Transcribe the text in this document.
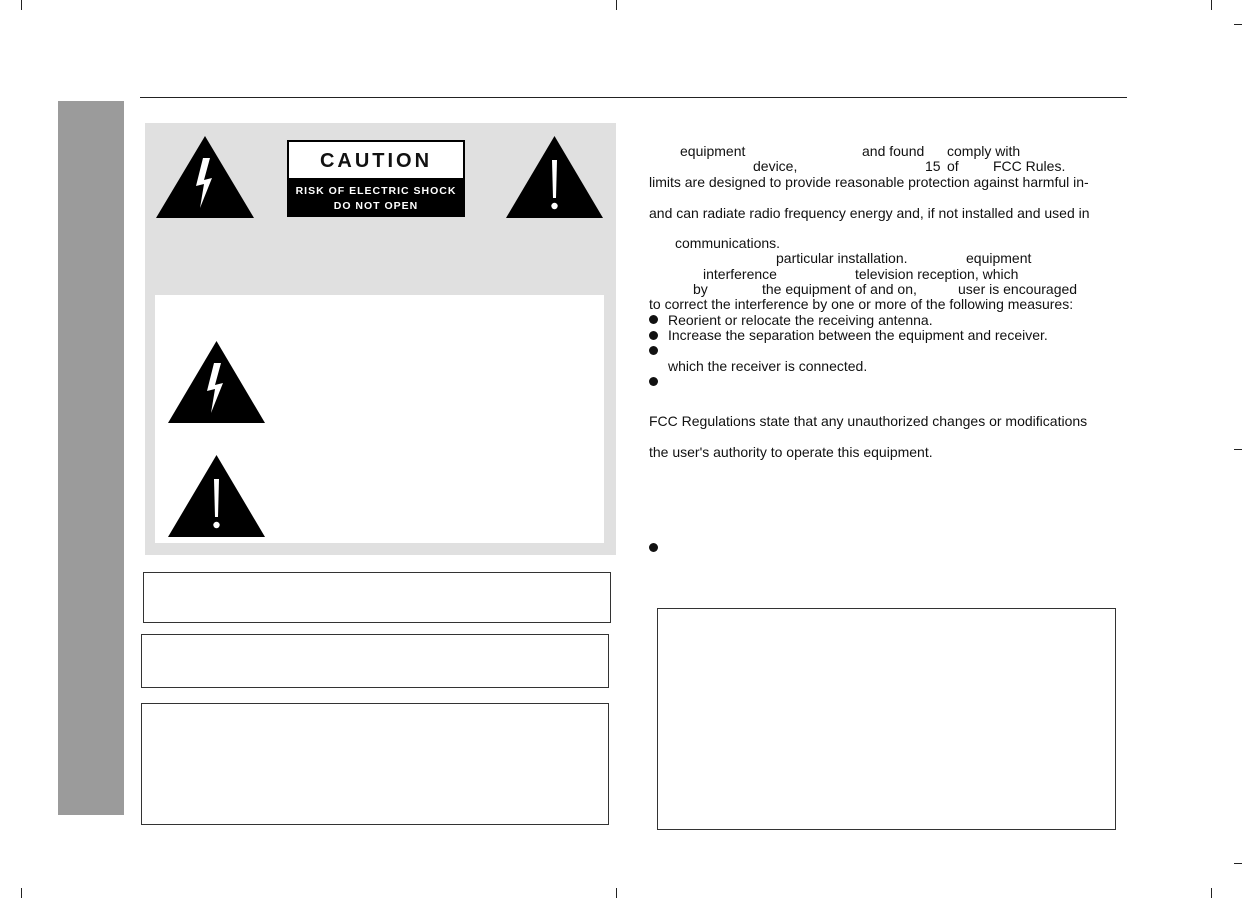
CAUTION
RISK OF ELECTRIC SHOCK
DO NOT OPEN
equipment	and found comply with
device,	15 of FCC Rules.
limits are designed to provide reasonable protection against harmful in-
and can radiate radio frequency energy and, if not installed and used in
communications.
particular installation.	equipment
interference	television reception, which
by	the equipment of and on,	user is encouraged
to correct the interference by one or more of the following measures:
Reorient or relocate the receiving antenna.
Increase the separation between the equipment and receiver.
which the receiver is connected.
FCC Regulations state that any unauthorized changes or modifications
the user's authority to operate this equipment.
